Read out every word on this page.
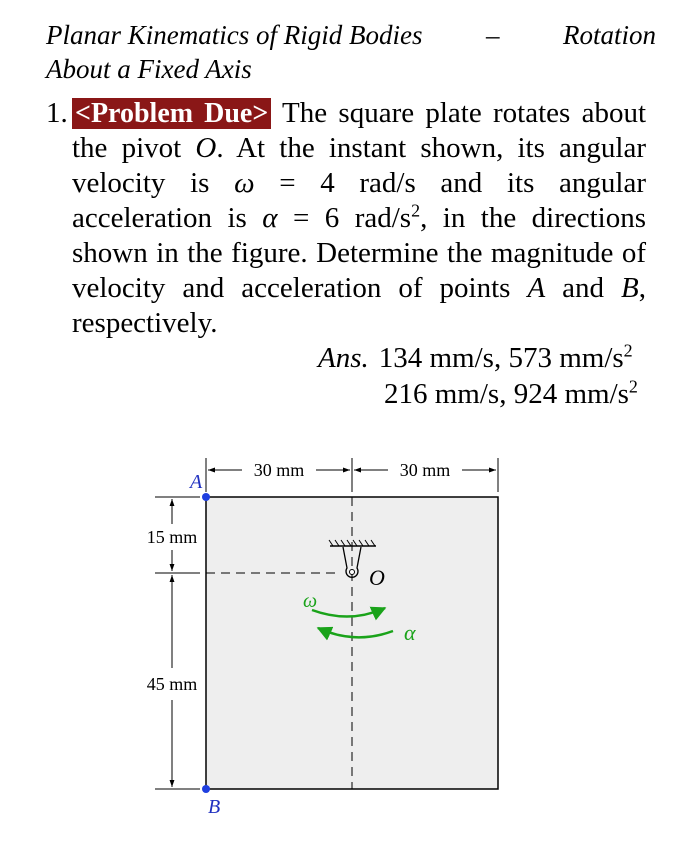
Planar Kinematics of Rigid Bodies – Rotation
About a Fixed Axis
1. <Problem Due> The square plate rotates about the pivot O. At the instant shown, its angular velocity is ω = 4 rad/s and its angular acceleration is α = 6 rad/$s^2$, in the directions shown in the figure. Determine the magnitude of velocity and acceleration of points A and B, respectively.
Ans. 134 mm/s, 573 $mm/s^2$
216 mm/s, 924 $mm/s^2$
30 mm	30 mm
15 mm
45 mm
A
B
O
ω
α
